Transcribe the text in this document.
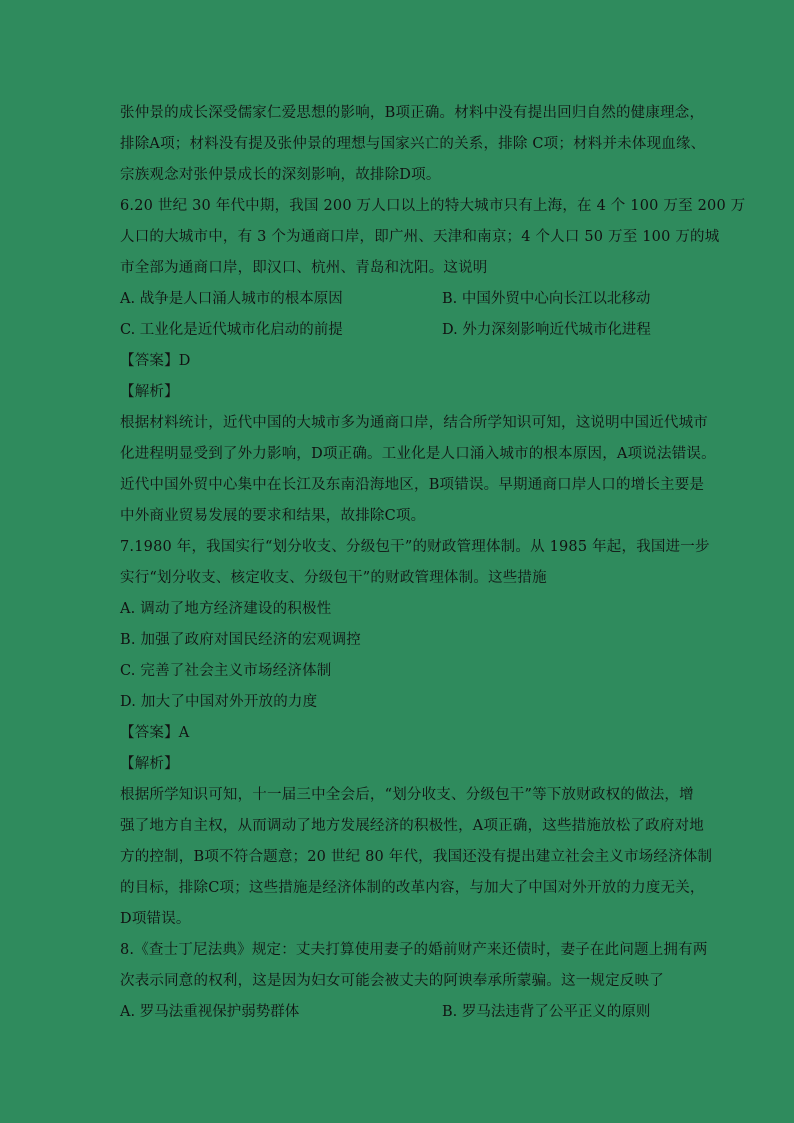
张仲景的成长深受儒家仁爱思想的影响，B项正确。材料中没有提出回归自然的健康理念，
排除A项；材料没有提及张仲景的理想与国家兴亡的关系，排除 C项；材料并未体现血缘、
宗族观念对张仲景成长的深刻影响，故排除D项。
6.20 世纪 30 年代中期，我国 200 万人口以上的特大城市只有上海，在 4 个 100 万至 200 万
人口的大城市中，有 3 个为通商口岸，即广州、天津和南京；4 个人口 50 万至 100 万的城
市全部为通商口岸，即汉口、杭州、青岛和沈阳。这说明
A. 战争是人口涌人城市的根本原因	B. 中国外贸中心向长江以北移动
C. 工业化是近代城市化启动的前提	D. 外力深刻影响近代城市化进程
【答案】D
【解析】
根据材料统计，近代中国的大城市多为通商口岸，结合所学知识可知，这说明中国近代城市
化进程明显受到了外力影响，D项正确。工业化是人口涌入城市的根本原因，A项说法错误。
近代中国外贸中心集中在长江及东南沿海地区，B项错误。早期通商口岸人口的增长主要是
中外商业贸易发展的要求和结果，故排除C项。
7.1980 年，我国实行“划分收支、分级包干”的财政管理体制。从 1985 年起，我国进一步
实行“划分收支、核定收支、分级包干”的财政管理体制。这些措施
A. 调动了地方经济建设的积极性
B. 加强了政府对国民经济的宏观调控
C. 完善了社会主义市场经济体制
D. 加大了中国对外开放的力度
【答案】A
【解析】
根据所学知识可知，十一届三中全会后，“划分收支、分级包干”等下放财政权的做法，增
强了地方自主权，从而调动了地方发展经济的积极性，A项正确，这些措施放松了政府对地
方的控制，B项不符合题意；20 世纪 80 年代，我国还没有提出建立社会主义市场经济体制
的目标，排除C项；这些措施是经济体制的改革内容，与加大了中国对外开放的力度无关，
D项错误。
8.《查士丁尼法典》规定：丈夫打算使用妻子的婚前财产来还债时，妻子在此问题上拥有两
次表示同意的权利，这是因为妇女可能会被丈夫的阿谀奉承所蒙骗。这一规定反映了
A. 罗马法重视保护弱势群体	B. 罗马法违背了公平正义的原则
